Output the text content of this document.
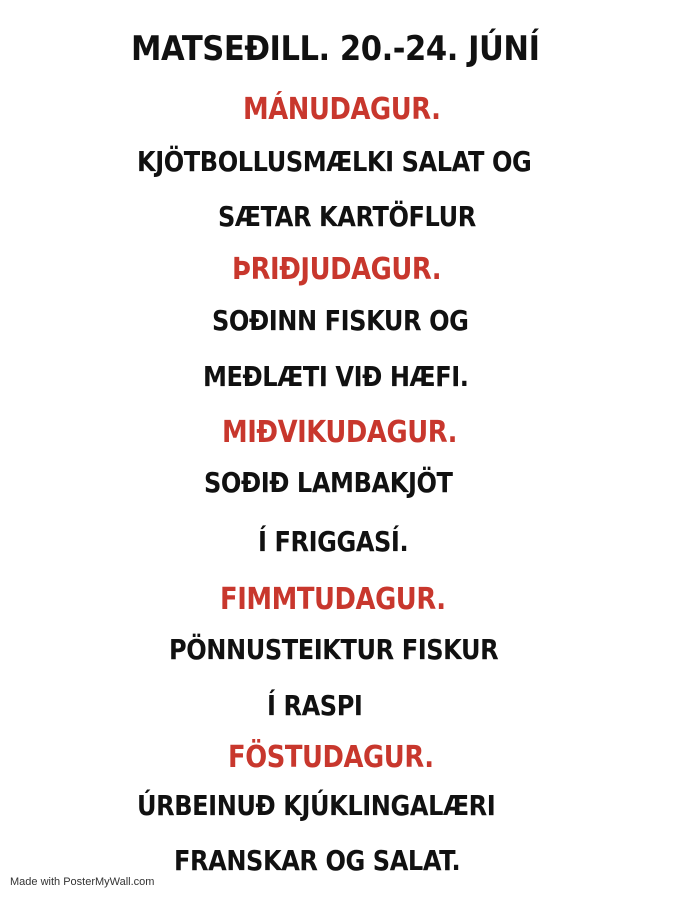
MATSEÐILL. 20.-24. JÚNÍ
MÁNUDAGUR.
KJÖTBOLLUSMÆLKI SALAT OG
SÆTAR KARTÖFLUR
ÞRIÐJUDAGUR.
SOÐINN FISKUR OG
MEÐLÆTI VIÐ HÆFI.
MIÐVIKUDAGUR.
SOÐIÐ LAMBAKJÖT
Í FRIGGASÍ.
FIMMTUDAGUR.
PÖNNUSTEIKTUR FISKUR
Í RASPI
FÖSTUDAGUR.
ÚRBEINUÐ KJÚKLINGALÆRI
FRANSKAR OG SALAT.
Made with PosterMyWall.com
